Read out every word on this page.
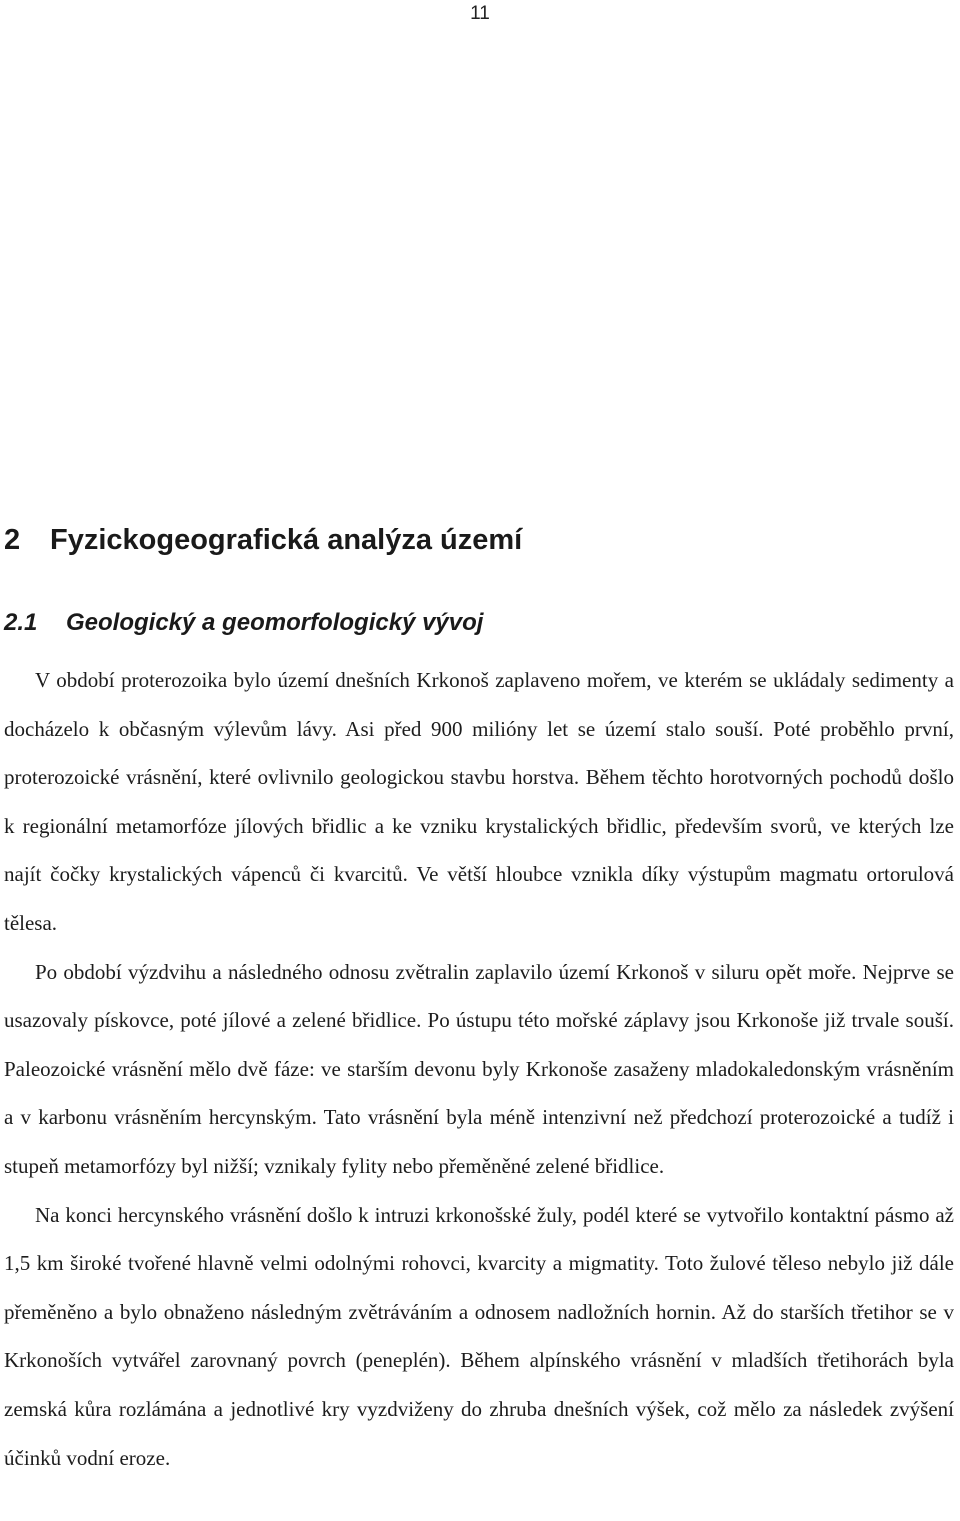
11
2 Fyzickogeografická analýza území
2.1 Geologický a geomorfologický vývoj

V období proterozoika bylo území dnešních Krkonoš zaplaveno mořem, ve kterém se ukládaly sedimenty a docházelo k občasným výlevům lávy. Asi před 900 milióny let se území stalo souší. Poté proběhlo první, proterozoické vrásnění, které ovlivnilo geologickou stavbu horstva. Během těchto horotvorných pochodů došlo k regionální metamorfóze jílových břidlic a ke vzniku krystalických břidlic, především svorů, ve kterých lze najít čočky krystalických vápenců či kvarcitů. Ve větší hloubce vznikla díky výstupům magmatu ortorulová tělesa.

Po období výzdvihu a následného odnosu zvětralin zaplavilo území Krkonoš v siluru opět moře. Nejprve se usazovaly pískovce, poté jílové a zelené břidlice. Po ústupu této mořské záplavy jsou Krkonoše již trvale souší. Paleozoické vrásnění mělo dvě fáze: ve starším devonu byly Krkonoše zasaženy mladokaledonským vrásněním a v karbonu vrásněním hercynským. Tato vrásnění byla méně intenzivní než předchozí proterozoické a tudíž i stupeň metamorfózy byl nižší; vznikaly fylity nebo přeměněné zelené břidlice.

Na konci hercynského vrásnění došlo k intruzi krkonošské žuly, podél které se vytvořilo kontaktní pásmo až 1,5 km široké tvořené hlavně velmi odolnými rohovci, kvarcity a migmatity. Toto žulové těleso nebylo již dále přeměněno a bylo obnaženo následným zvětráváním a odnosem nadložních hornin. Až do starších třetihor se v Krkonoších vytvářel zarovnaný povrch (peneplén). Během alpínského vrásnění v mladších třetihorách byla zemská kůra rozlámána a jednotlivé kry vyzdviženy do zhruba dnešních výšek, což mělo za následek zvýšení účinků vodní eroze.
